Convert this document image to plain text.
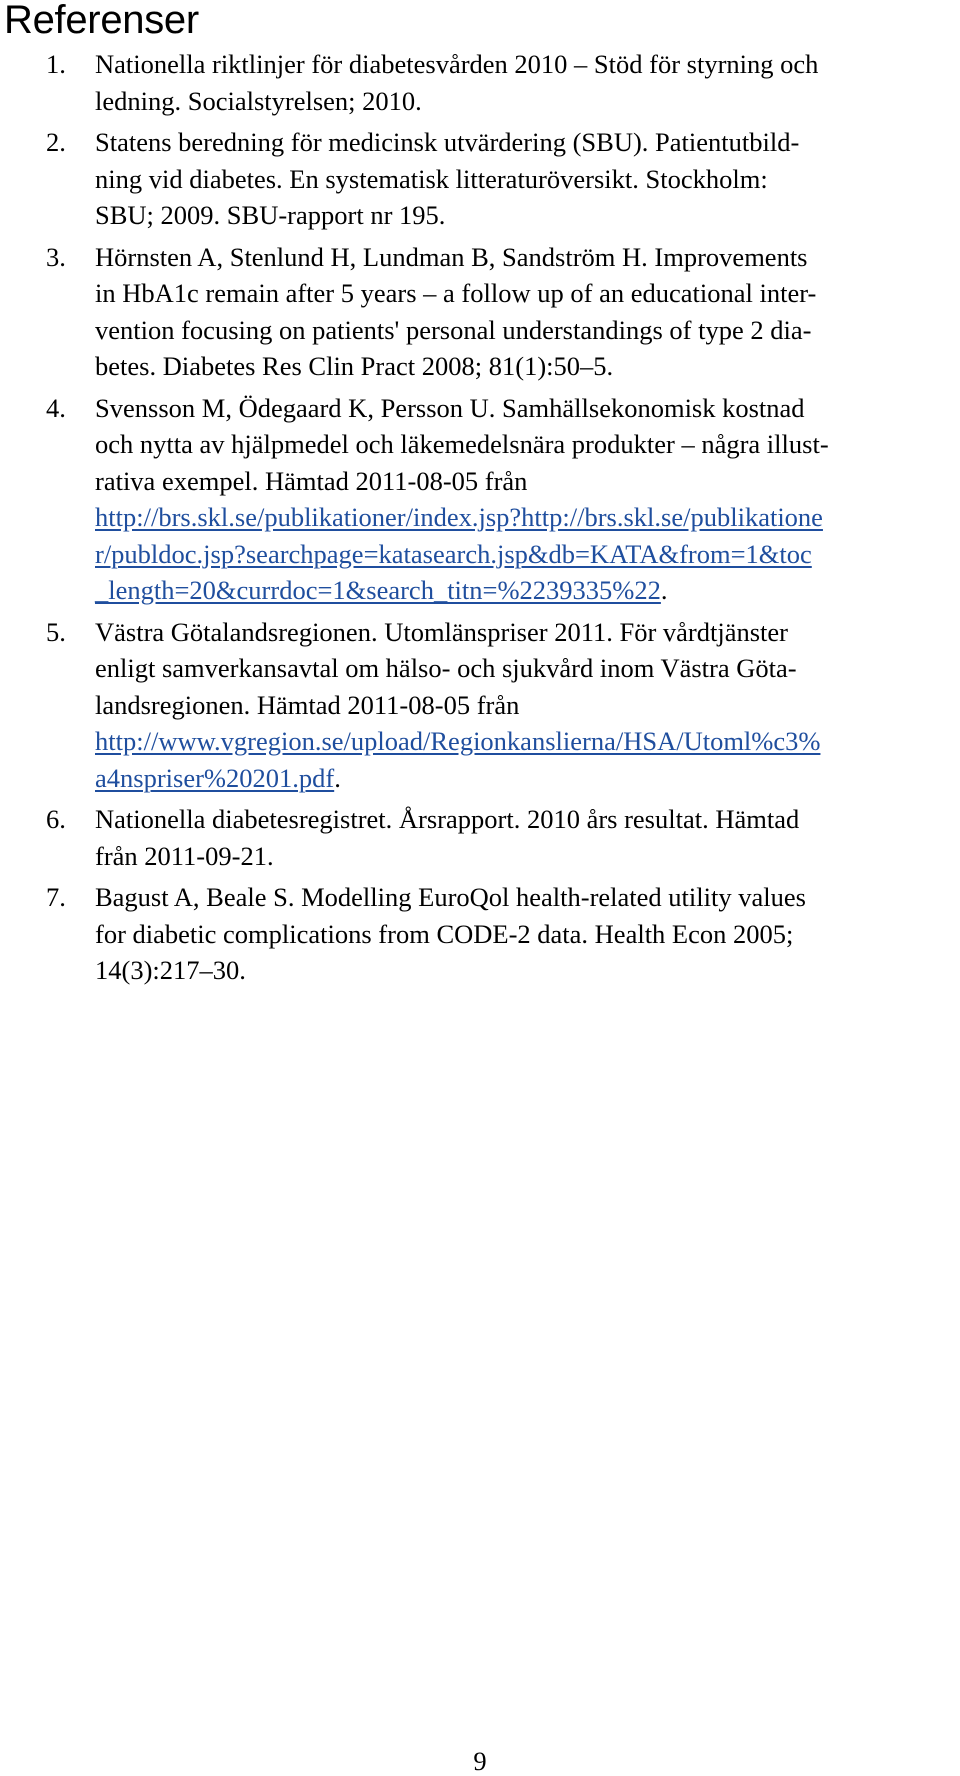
Referenser
1. Nationella riktlinjer för diabetesvården 2010 – Stöd för styrning och
ledning. Socialstyrelsen; 2010.
2. Statens beredning för medicinsk utvärdering (SBU). Patientutbild-
ning vid diabetes. En systematisk litteraturöversikt. Stockholm:
SBU; 2009. SBU-rapport nr 195.
3. Hörnsten A, Stenlund H, Lundman B, Sandström H. Improvements
in HbA1c remain after 5 years – a follow up of an educational inter-
vention focusing on patients' personal understandings of type 2 dia-
betes. Diabetes Res Clin Pract 2008; 81(1):50–5.
4. Svensson M, Ödegaard K, Persson U. Samhällsekonomisk kostnad
och nytta av hjälpmedel och läkemedelsnära produkter – några illust-
rativa exempel. Hämtad 2011-08-05 från
http://brs.skl.se/publikationer/index.jsp?http://brs.skl.se/publikatione
r/publdoc.jsp?searchpage=katasearch.jsp&db=KATA&from=1&toc
_length=20&currdoc=1&search_titn=%2239335%22.
5. Västra Götalandsregionen. Utomlänspriser 2011. För vårdtjänster
enligt samverkansavtal om hälso- och sjukvård inom Västra Göta-
landsregionen. Hämtad 2011-08-05 från
http://www.vgregion.se/upload/Regionkanslierna/HSA/Utoml%c3%
a4nspriser%20201.pdf.
6. Nationella diabetesregistret. Årsrapport. 2010 års resultat. Hämtad
från 2011-09-21.
7. Bagust A, Beale S. Modelling EuroQol health-related utility values
for diabetic complications from CODE-2 data. Health Econ 2005;
14(3):217–30.
9
